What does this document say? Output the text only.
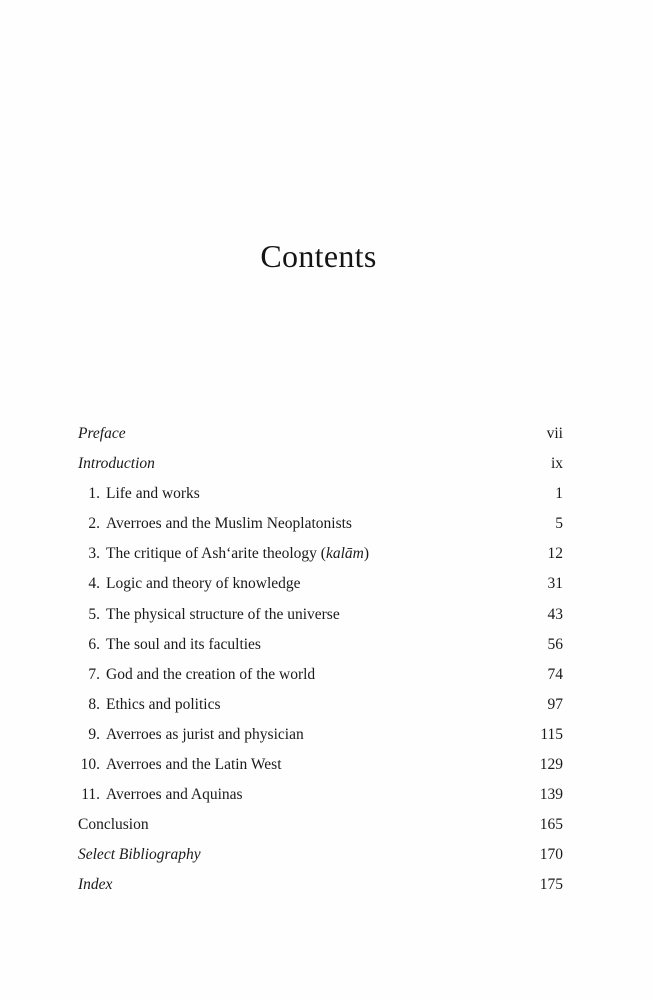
Contents
Preface	vii
Introduction	ix
1. Life and works	1
2. Averroes and the Muslim Neoplatonists	5
3. The critique of Ash‘arite theology (kalām)	12
4. Logic and theory of knowledge	31
5. The physical structure of the universe	43
6. The soul and its faculties	56
7. God and the creation of the world	74
8. Ethics and politics	97
9. Averroes as jurist and physician	115
10. Averroes and the Latin West	129
11. Averroes and Aquinas	139
Conclusion	165
Select Bibliography	170
Index	175
